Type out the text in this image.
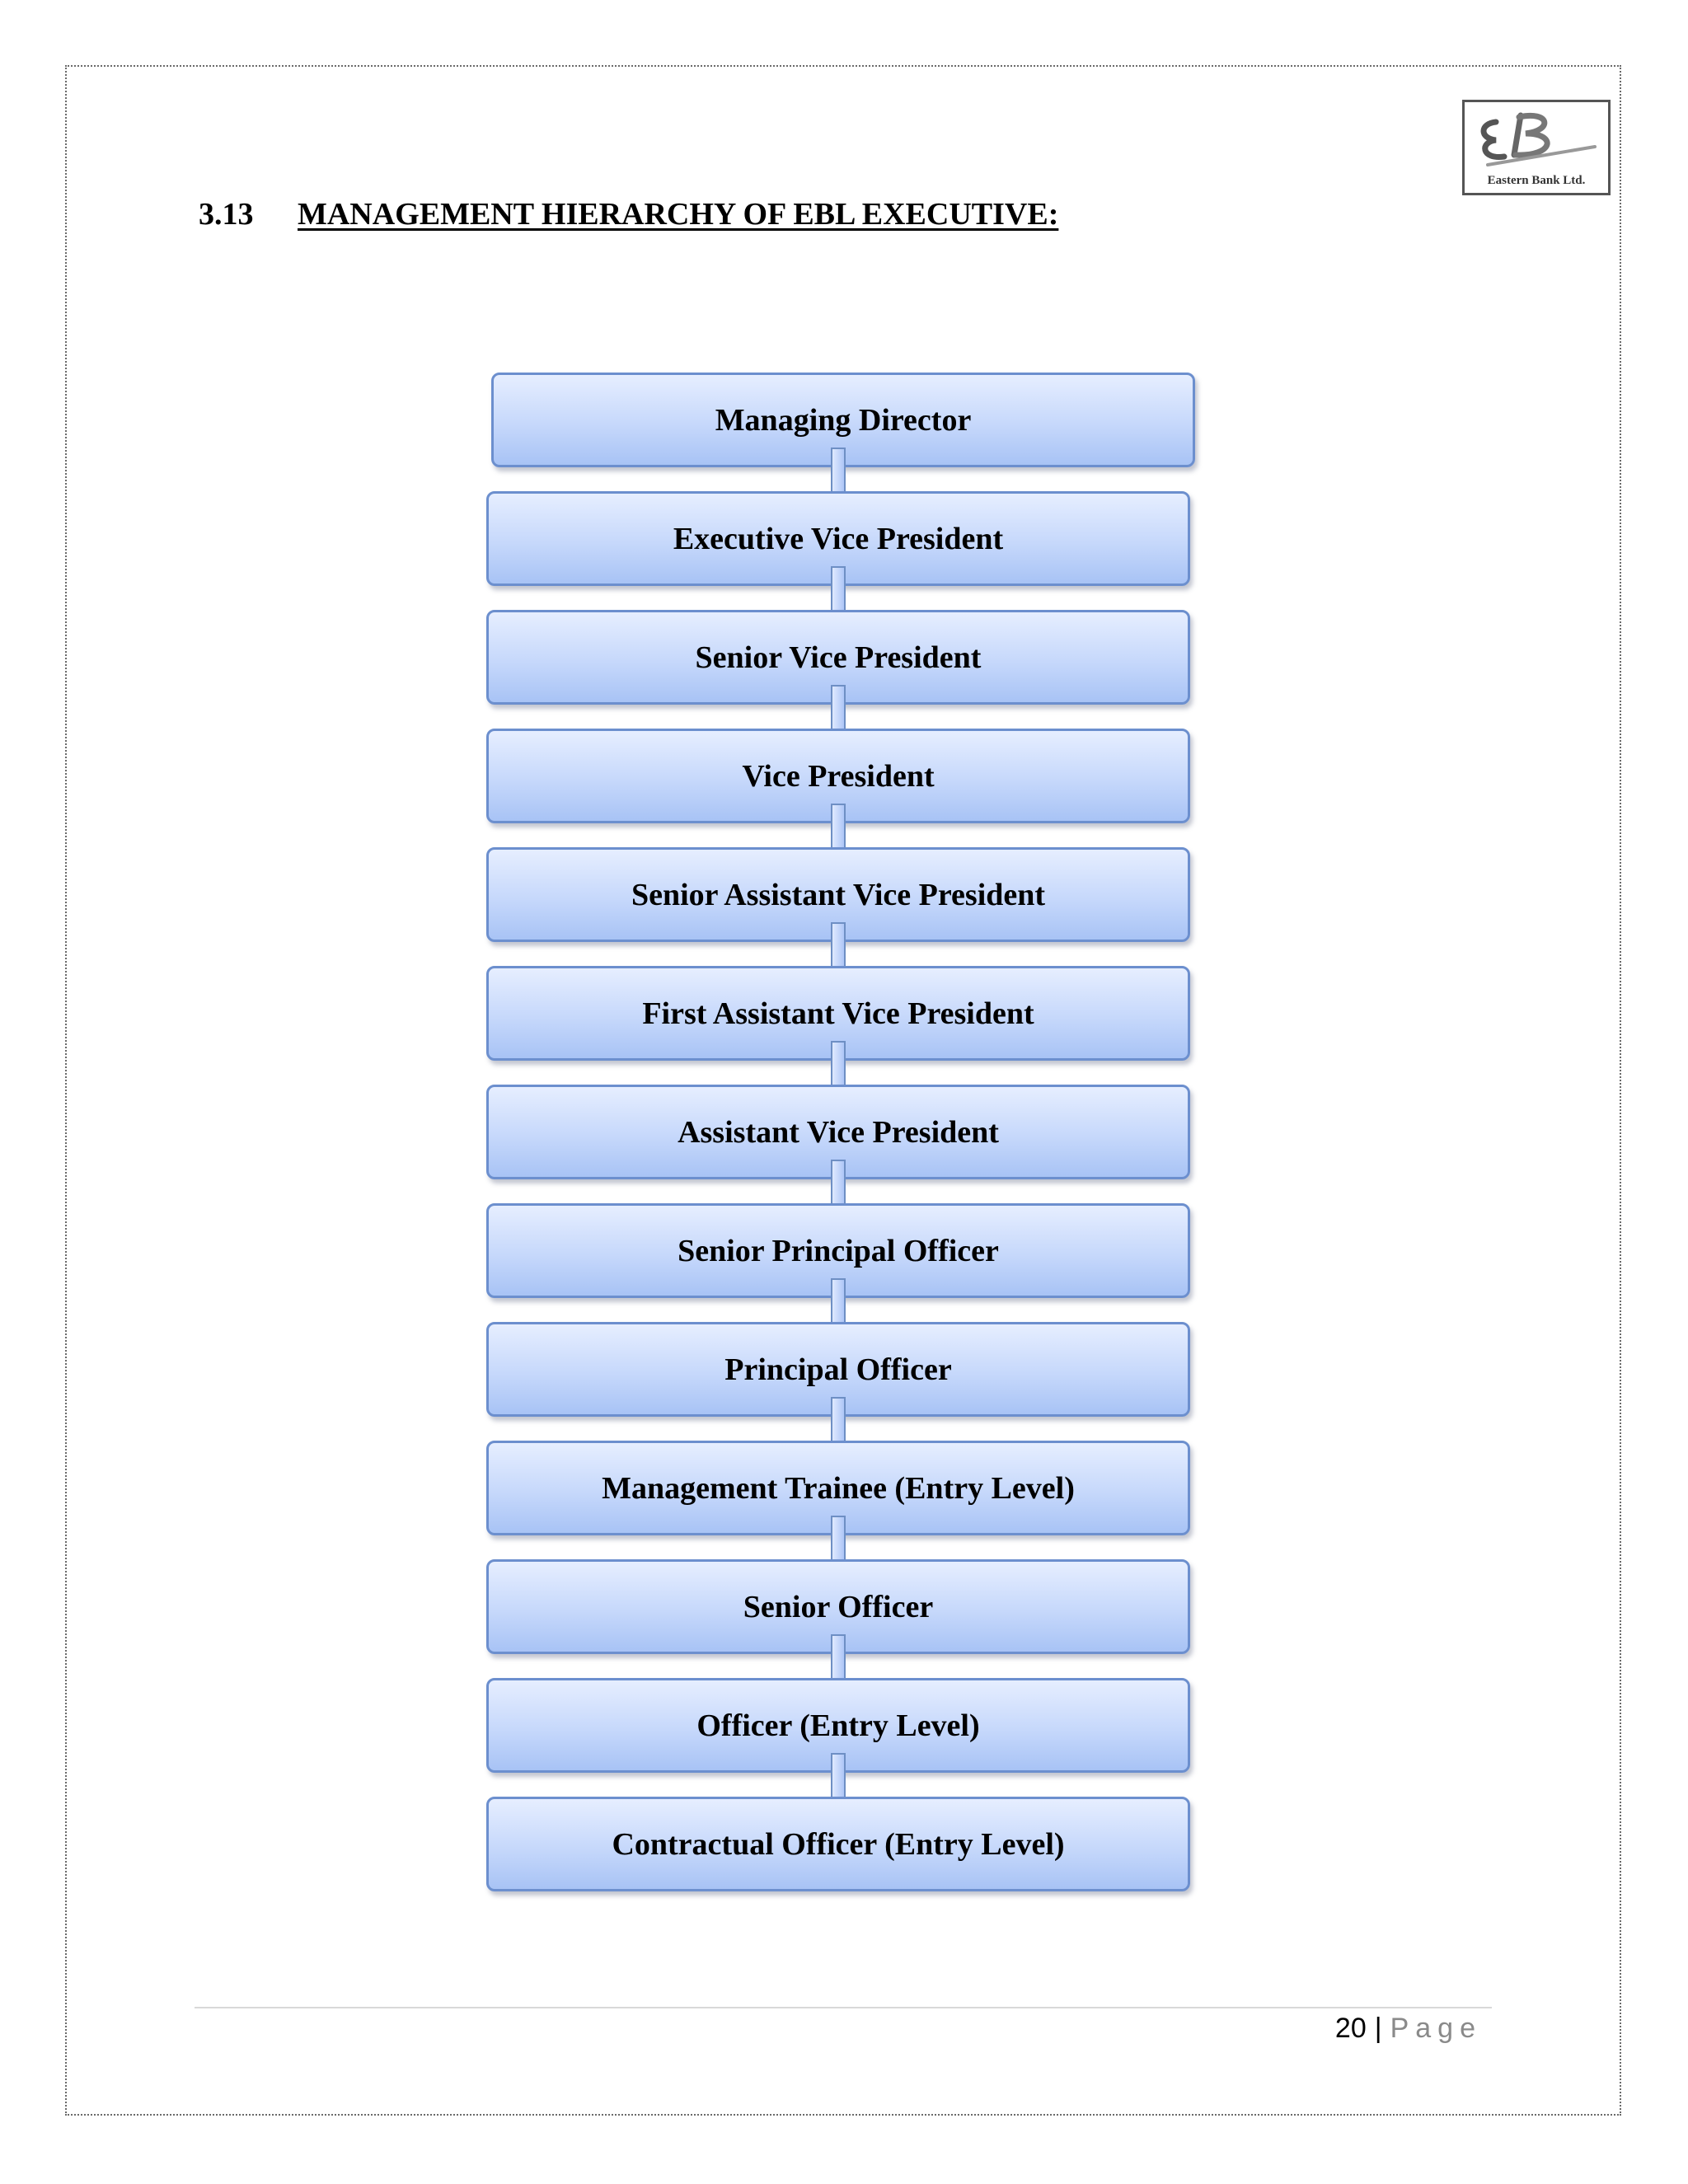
Eastern Bank Ltd.
3.13 MANAGEMENT HIERARCHY OF EBL EXECUTIVE:
Managing Director
Executive Vice President
Senior Vice President
Vice President
Senior Assistant Vice President
First Assistant Vice President
Assistant Vice President
Senior Principal Officer
Principal Officer
Management Trainee (Entry Level)
Senior Officer
Officer (Entry Level)
Contractual Officer (Entry Level)
20 | Page
